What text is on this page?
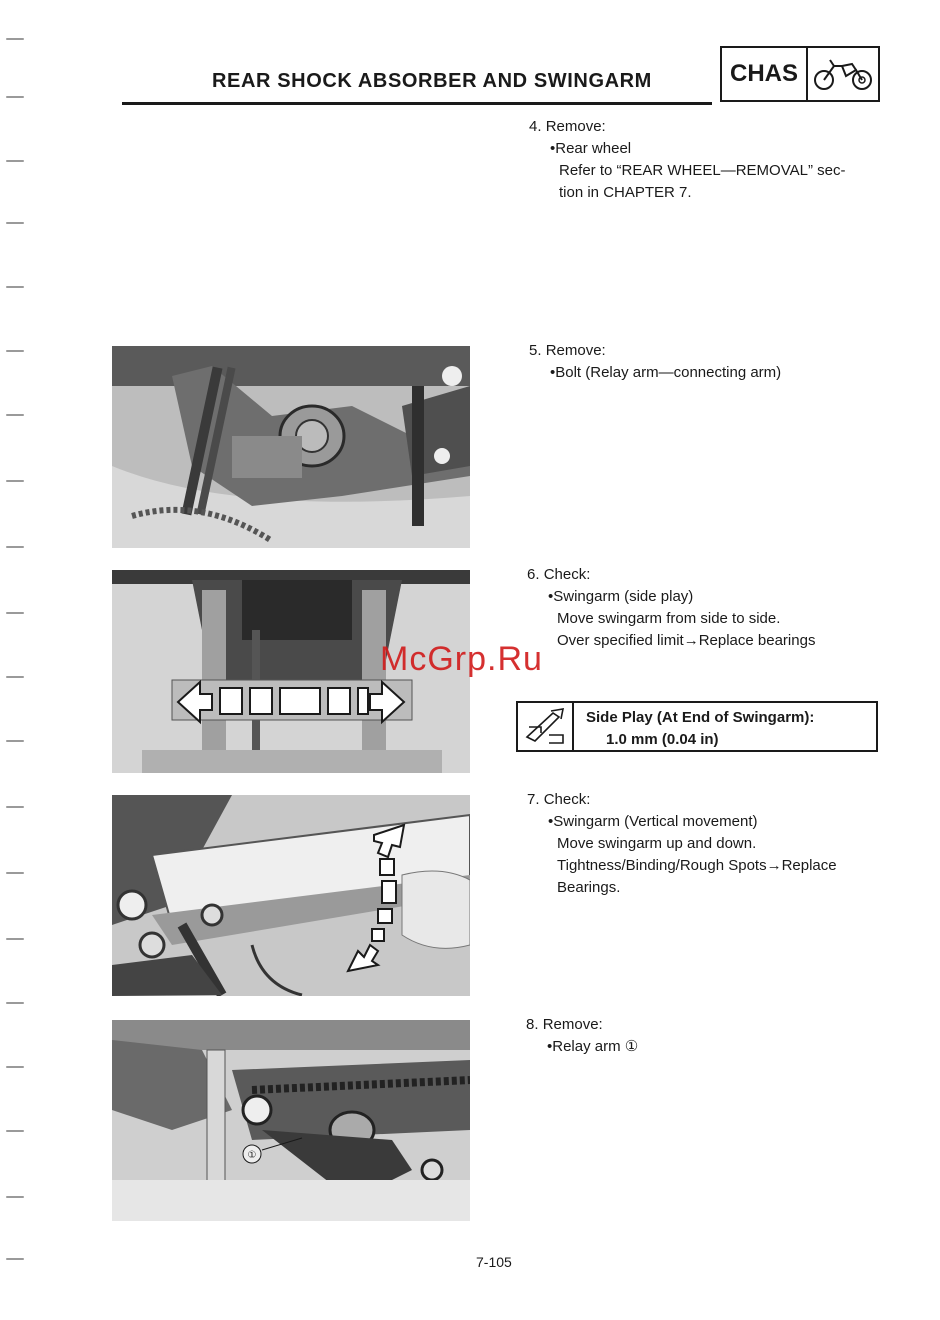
REAR SHOCK ABSORBER AND SWINGARM	CHAS
①
4. Remove:
•Rear wheel
Refer to “REAR WHEEL—REMOVAL” sec-
tion in CHAPTER 7.
5. Remove:
•Bolt (Relay arm—connecting arm)
6. Check:
•Swingarm (side play)
Move swingarm from side to side.
Over specified limit→Replace bearings
Side Play (At End of Swingarm):
1.0 mm (0.04 in)
7. Check:
•Swingarm (Vertical movement)
Move swingarm up and down.
Tightness/Binding/Rough Spots→Replace
Bearings.
8. Remove:
•Relay arm ①
McGrp.Ru
7-105
